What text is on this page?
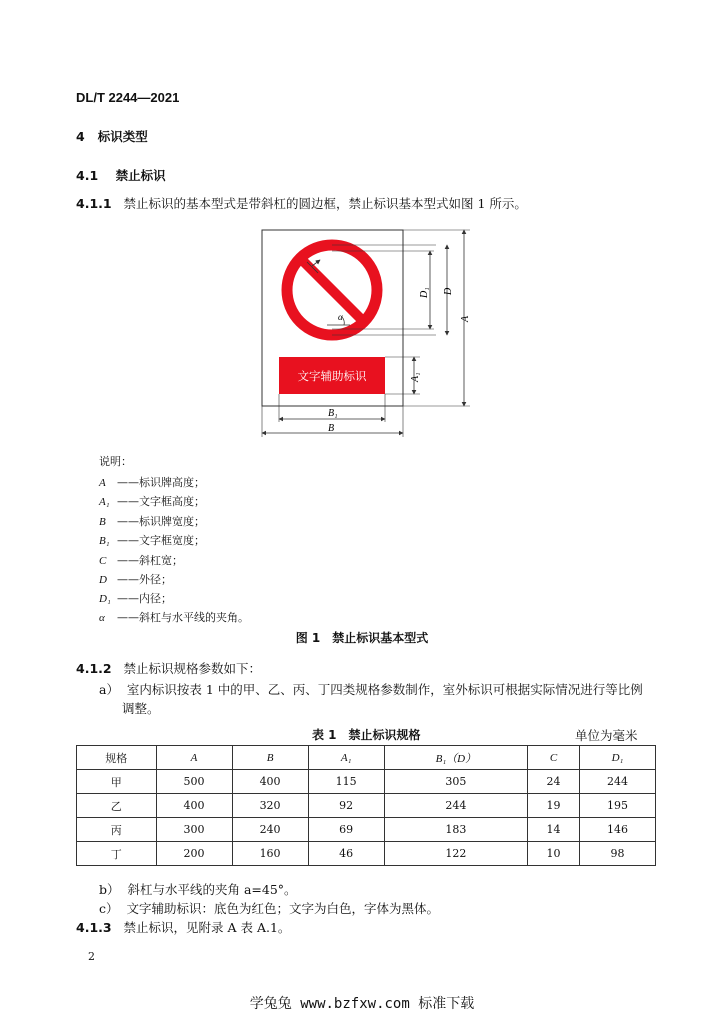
DL/T 2244—2021
4 标识类型
4.1 禁止标识
4.1.1 禁止标识的基本型式是带斜杠的圆边框，禁止标识基本型式如图 1 所示。
文字辅助标识
α
D₁ D
A
A₁
B₁
B
说明：
A ——标识牌高度；
A₁ ——文字框高度；
B ——标识牌宽度；
B₁ ——文字框宽度；
C ——斜杠宽；
D ——外径；
D₁ ——内径；
α ——斜杠与水平线的夹角。
图 1　禁止标识基本型式
4.1.2 禁止标识规格参数如下：
a） 室内标识按表 1 中的甲、乙、丙、丁四类规格参数制作，室外标识可根据实际情况进行等比例
调整。
表 1　禁止标识规格	单位为毫米
规格	A	B	A₁	B₁（D）	C	D₁
甲	500	400	115	305	24	244
乙	400	320	92	244	19	195
丙	300	240	69	183	14	146
丁	200	160	46	122	10	98
b） 斜杠与水平线的夹角 a=45°。
c） 文字辅助标识：底色为红色；文字为白色，字体为黑体。
4.1.3 禁止标识，见附录 A 表 A.1。
2
学兔兔 www.bzfxw.com 标准下载
